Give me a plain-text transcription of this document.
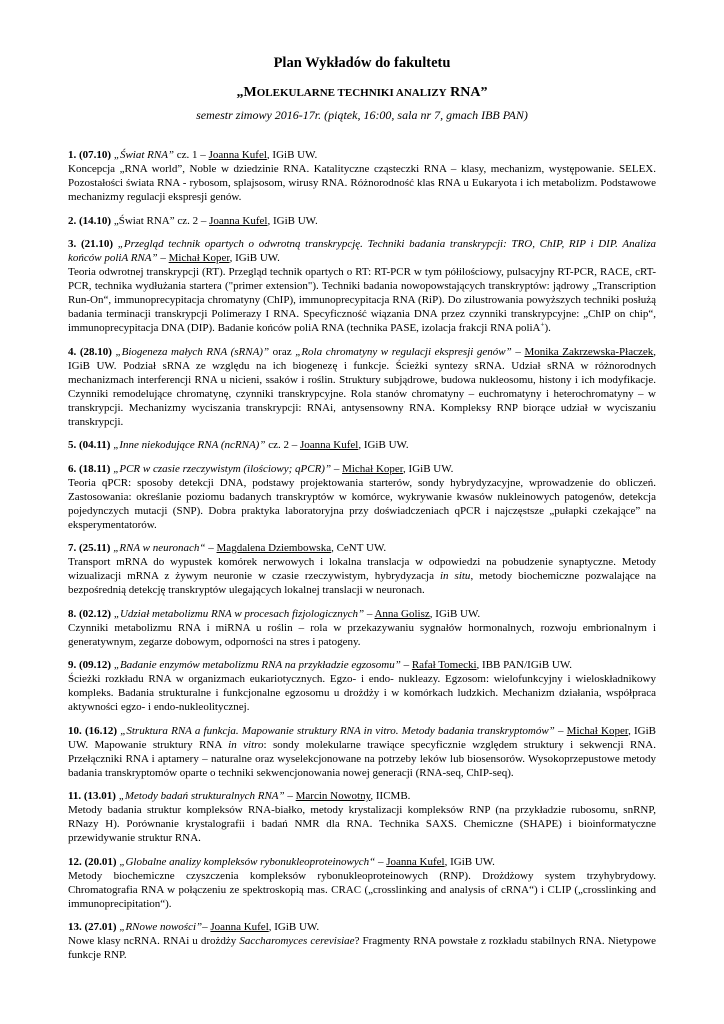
Plan Wykładów do fakultetu
„MOLEKULARNE TECHNIKI ANALIZY RNA”
semestr zimowy 2016-17r. (piątek, 16:00, sala nr 7, gmach IBB PAN)

1. (07.10) „Świat RNA” cz. 1 – Joanna Kufel, IGiB UW.

Koncepcja „RNA world”, Noble w dziedzinie RNA. Katalityczne cząsteczki RNA – klasy, mechanizm, występowanie. SELEX. Pozostałości świata RNA - rybosom, splajsosom, wirusy RNA. Różnorodność klas RNA u Eukaryota i ich metabolizm. Podstawowe mechanizmy regulacji ekspresji genów.

2. (14.10) „Świat RNA” cz. 2 – Joanna Kufel, IGiB UW.

3. (21.10) „Przegląd technik opartych o odwrotną transkrypcję. Techniki badania transkrypcji: TRO, ChIP, RIP i DIP. Analiza końców poliA RNA” – Michał Koper, IGiB UW.

Teoria odwrotnej transkrypcji (RT). Przegląd technik opartych o RT: RT-PCR w tym półilościowy, pulsacyjny RT-PCR, RACE, cRT-PCR, technika wydłużania startera ("primer extension"). Techniki badania nowopowstających transkryptów: jądrowy „Transcription Run-On“, immunoprecypitacja chromatyny (ChIP), immunoprecypitacja RNA (RiP). Do zilustrowania powyższych techniki posłużą badania terminacji transkrypcji Polimerazy I RNA. Specyficzność wiązania DNA przez czynniki transkrypcyjne: „ChIP on chip“, immunoprecypitacja DNA (DIP). Badanie końców poliA RNA (technika PASE, izolacja frakcji RNA poliA+).

4. (28.10) „Biogeneza małych RNA (sRNA)” oraz „Rola chromatyny w regulacji ekspresji genów” – Monika Zakrzewska-Płaczek, IGiB UW. Podział sRNA ze względu na ich biogenezę i funkcje. Ścieżki syntezy sRNA. Udział sRNA w różnorodnych mechanizmach interferencji RNA u nicieni, ssaków i roślin. Struktury subjądrowe, budowa nukleosomu, histony i ich modyfikacje. Czynniki remodelujące chromatynę, czynniki transkrypcyjne. Rola stanów chromatyny – euchromatyny i heterochromatyny – w transkrypcji. Mechanizmy wyciszania transkrypcji: RNAi, antysensowny RNA. Kompleksy RNP biorące udział w wyciszaniu transkrypcji.

5. (04.11) „Inne niekodujące RNA (ncRNA)” cz. 2 – Joanna Kufel, IGiB UW.

6. (18.11) „PCR w czasie rzeczywistym (ilościowy; qPCR)” – Michał Koper, IGiB UW.

Teoria qPCR: sposoby detekcji DNA, podstawy projektowania starterów, sondy hybrydyzacyjne, wprowadzenie do obliczeń. Zastosowania: określanie poziomu badanych transkryptów w komórce, wykrywanie kwasów nukleinowych patogenów, detekcja pojedynczych mutacji (SNP). Dobra praktyka laboratoryjna przy doświadczeniach qPCR i najczęstsze „pułapki czekające” na eksperymentatorów.

7. (25.11) „RNA w neuronach“ – Magdalena Dziembowska, CeNT UW.

Transport mRNA do wypustek komórek nerwowych i lokalna translacja w odpowiedzi na pobudzenie synaptyczne. Metody wizualizacji mRNA z żywym neuronie w czasie rzeczywistym, hybrydyzacja in situ, metody biochemiczne pozwalające na bezpośrednią detekcję transkryptów ulegających lokalnej translacji w neuronach.

8. (02.12) „Udział metabolizmu RNA w procesach fizjologicznych” – Anna Golisz, IGiB UW.

Czynniki metabolizmu RNA i miRNA u roślin – rola w przekazywaniu sygnałów hormonalnych, rozwoju embrionalnym i generatywnym, zegarze dobowym, odporności na stres i patogeny.

9. (09.12) „Badanie enzymów metabolizmu RNA na przykładzie egzosomu” – Rafał Tomecki, IBB PAN/IGiB UW.

Ścieżki rozkładu RNA w organizmach eukariotycznych. Egzo- i endo- nukleazy. Egzosom: wielofunkcyjny i wieloskładnikowy kompleks. Badania strukturalne i funkcjonalne egzosomu u drożdży i w komórkach ludzkich. Mechanizm działania, współpraca aktywności egzo- i endo-nukleolitycznej.

10. (16.12) „Struktura RNA a funkcja. Mapowanie struktury RNA in vitro. Metody badania transkryptomów” – Michał Koper, IGiB UW. Mapowanie struktury RNA in vitro: sondy molekularne trawiące specyficznie względem struktury i sekwencji RNA. Przełączniki RNA i aptamery – naturalne oraz wyselekcjonowane na potrzeby leków lub biosensorów. Wysokoprzepustowe metody badania transkryptomów oparte o techniki sekwencjonowania nowej generacji (RNA-seq, ChIP-seq).

11. (13.01) „Metody badań strukturalnych RNA” – Marcin Nowotny, IICMB.

Metody badania struktur kompleksów RNA-białko, metody krystalizacji kompleksów RNP (na przykładzie rubosomu, snRNP, RNazy H). Porównanie krystalografii i badań NMR dla RNA. Technika SAXS. Chemiczne (SHAPE) i bioinformatyczne przewidywanie struktur RNA.

12. (20.01) „Globalne analizy kompleksów rybonukleoproteinowych“ – Joanna Kufel, IGiB UW.

Metody biochemiczne czyszczenia kompleksów rybonukleoproteinowych (RNP). Drożdżowy system trzyhybrydowy. Chromatografia RNA w połączeniu ze spektroskopią mas. CRAC („crosslinking and analysis of cRNA“) i CLIP („crosslinking and immunoprecipitation“).

13. (27.01) „RNowe nowości”– Joanna Kufel, IGiB UW.

Nowe klasy ncRNA. RNAi u drożdży Saccharomyces cerevisiae? Fragmenty RNA powstałe z rozkładu stabilnych RNA. Nietypowe funkcje RNP.
